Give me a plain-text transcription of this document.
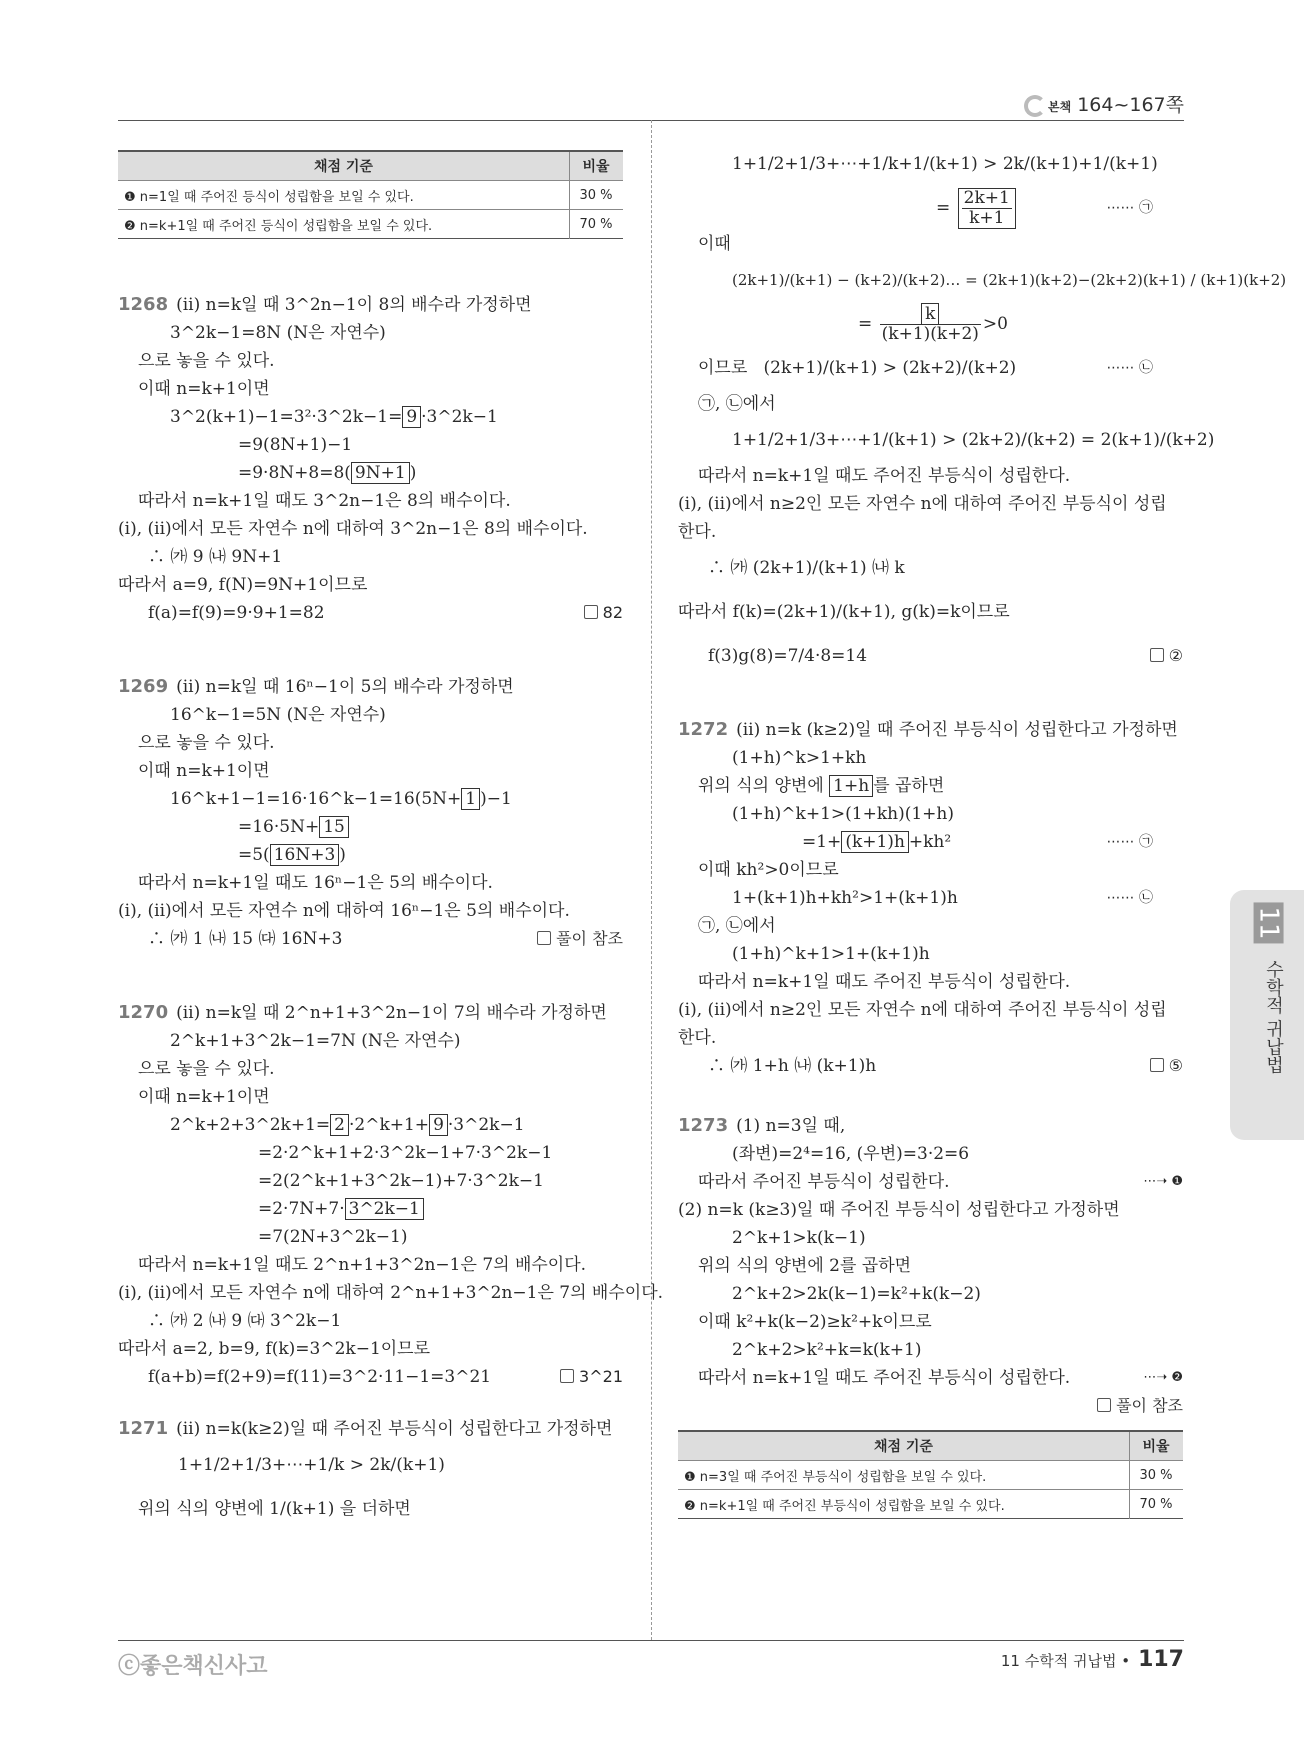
본책 164~167쪽
채점 기준	비율
❶ n=1일 때 주어진 등식이 성립함을 보일 수 있다.	30 %
❷ n=k+1일 때 주어진 등식이 성립함을 보일 수 있다.	70 %
1268 (ii) n=k일 때 3^2n−1이 8의 배수라 가정하면
3^2k−1=8N (N은 자연수)
으로 놓을 수 있다.
이때 n=k+1이면
3^2(k+1)−1=3²·3^2k−1= 9 ·3^2k−1
=9(8N+1)−1
=9·8N+8=8( 9N+1 )
따라서 n=k+1일 때도 3^2n−1은 8의 배수이다.
(i), (ii)에서 모든 자연수 n에 대하여 3^2n−1은 8의 배수이다.
∴ ㈎ 9 ㈏ 9N+1
따라서 a=9, f(N)=9N+1이므로
f(a)=f(9)=9·9+1=82	82
1269 (ii) n=k일 때 16ⁿ−1이 5의 배수라 가정하면
16^k−1=5N (N은 자연수)
으로 놓을 수 있다.
이때 n=k+1이면
16^k+1−1=16·16^k−1=16(5N+ 1 )−1
=16·5N+ 15
=5( 16N+3 )
따라서 n=k+1일 때도 16ⁿ−1은 5의 배수이다.
(i), (ii)에서 모든 자연수 n에 대하여 16ⁿ−1은 5의 배수이다.
∴ ㈎ 1 ㈏ 15 ㈐ 16N+3	풀이 참조
1270 (ii) n=k일 때 2^n+1+3^2n−1이 7의 배수라 가정하면
2^k+1+3^2k−1=7N (N은 자연수)
으로 놓을 수 있다.
이때 n=k+1이면
2^k+2+3^2k+1= 2 ·2^k+1+ 9 ·3^2k−1
=2·2^k+1+2·3^2k−1+7·3^2k−1
=2(2^k+1+3^2k−1)+7·3^2k−1
=2·7N+7· 3^2k−1
=7(2N+3^2k−1)
따라서 n=k+1일 때도 2^n+1+3^2n−1은 7의 배수이다.
(i), (ii)에서 모든 자연수 n에 대하여 2^n+1+3^2n−1은 7의 배수이다.
∴ ㈎ 2 ㈏ 9 ㈐ 3^2k−1
따라서 a=2, b=9, f(k)=3^2k−1이므로
f(a+b)=f(2+9)=f(11)=3^2·11−1=3^21	3^21
1271 (ii) n=k(k≥2)일 때 주어진 부등식이 성립한다고 가정하면
1+1/2+1/3+⋯+1/k > 2k/(k+1)
위의 식의 양변에 1/(k+1) 을 더하면
1+1/2+1/3+⋯+1/k+1/(k+1) > 2k/(k+1)+1/(k+1)
= $\frac{2k+1}{k+1}$	⋯⋯ ㉠
이때
(2k+1)/(k+1) − (k+2)/(k+2)… = (2k+1)(k+2)−(2k+2)(k+1) / (k+1)(k+2)
= $\frac{k}{(k+1)(k+2)} >0$
이므로 (2k+1)/(k+1) > (2k+2)/(k+2)	⋯⋯ ㉡
㉠, ㉡에서
1+1/2+1/3+⋯+1/(k+1) > (2k+2)/(k+2) = 2(k+1)/(k+2)
따라서 n=k+1일 때도 주어진 부등식이 성립한다.
(i), (ii)에서 n≥2인 모든 자연수 n에 대하여 주어진 부등식이 성립
한다.
∴ ㈎ (2k+1)/(k+1) ㈏ k
따라서 f(k)=(2k+1)/(k+1), g(k)=k이므로
f(3)g(8)=7/4·8=14	②
1272 (ii) n=k (k≥2)일 때 주어진 부등식이 성립한다고 가정하면
(1+h)^k>1+kh
위의 식의 양변에 1+h 를 곱하면
(1+h)^k+1>(1+kh)(1+h)
=1+ (k+1)h +kh²	⋯⋯ ㉠
이때 kh²>0이므로
1+(k+1)h+kh²>1+(k+1)h	⋯⋯ ㉡
㉠, ㉡에서
(1+h)^k+1>1+(k+1)h
따라서 n=k+1일 때도 주어진 부등식이 성립한다.
(i), (ii)에서 n≥2인 모든 자연수 n에 대하여 주어진 부등식이 성립
한다.
∴ ㈎ 1+h ㈏ (k+1)h	⑤
1273 (1) n=3일 때,
(좌변)=2⁴=16, (우변)=3·2=6
따라서 주어진 부등식이 성립한다.	⋯➝ ❶
(2) n=k (k≥3)일 때 주어진 부등식이 성립한다고 가정하면
2^k+1>k(k−1)
위의 식의 양변에 2를 곱하면
2^k+2>2k(k−1)=k²+k(k−2)
이때 k²+k(k−2)≥k²+k이므로
2^k+2>k²+k=k(k+1)
따라서 n=k+1일 때도 주어진 부등식이 성립한다.	⋯➝ ❷
풀이 참조
채점 기준	비율
❶ n=3일 때 주어진 부등식이 성립함을 보일 수 있다.	30 %
❷ n=k+1일 때 주어진 부등식이 성립함을 보일 수 있다.	70 %
11
수학적 귀납법
ⓒ좋은책신사고	11 수학적 귀납법 • 117
